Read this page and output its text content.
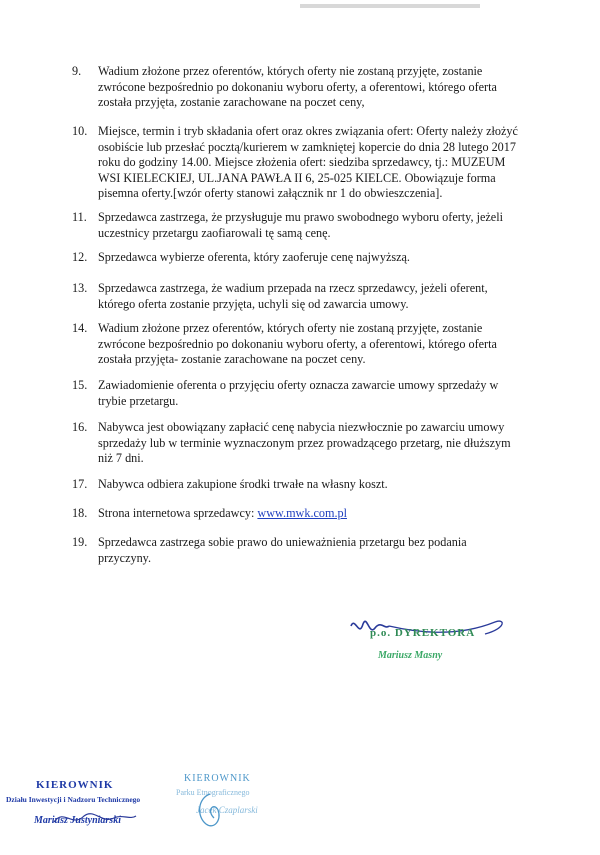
9. Wadium złożone przez oferentów, których oferty nie zostaną przyjęte, zostanie
zwrócone bezpośrednio po dokonaniu wyboru oferty, a oferentowi, którego oferta
została przyjęta, zostanie zarachowane na poczet ceny,
10. Miejsce, termin i tryb składania ofert oraz okres związania ofert: Oferty należy złożyć
osobiście lub przesłać pocztą/kurierem w zamkniętej kopercie do dnia 28 lutego 2017
roku do godziny 14.00. Miejsce złożenia ofert: siedziba sprzedawcy, tj.: MUZEUM
WSI KIELECKIEJ, UL.JANA PAWŁA II 6, 25-025 KIELCE. Obowiązuje forma
pisemna oferty.[wzór oferty stanowi załącznik nr 1 do obwieszczenia].
11. Sprzedawca zastrzega, że przysługuje mu prawo swobodnego wyboru oferty, jeżeli
uczestnicy przetargu zaofiarowali tę samą cenę.
12. Sprzedawca wybierze oferenta, który zaoferuje cenę najwyższą.
13. Sprzedawca zastrzega, że wadium przepada na rzecz sprzedawcy, jeżeli oferent,
którego oferta zostanie przyjęta, uchyli się od zawarcia umowy.
14. Wadium złożone przez oferentów, których oferty nie zostaną przyjęte, zostanie
zwrócone bezpośrednio po dokonaniu wyboru oferty, a oferentowi, którego oferta
została przyjęta- zostanie zarachowane na poczet ceny.
15. Zawiadomienie oferenta o przyjęciu oferty oznacza zawarcie umowy sprzedaży w
trybie przetargu.
16. Nabywca jest obowiązany zapłacić cenę nabycia niezwłocznie po zawarciu umowy
sprzedaży lub w terminie wyznaczonym przez prowadzącego przetarg, nie dłuższym
niż 7 dni.
17. Nabywca odbiera zakupione środki trwałe na własny koszt.
18. Strona internetowa sprzedawcy: www.mwk.com.pl
19. Sprzedawca zastrzega sobie prawo do unieważnienia przetargu bez podania
przyczyny.
p.o. DYREKTORA
Mariusz Masny
KIEROWNIK
Działu Inwestycji i Nadzoru Technicznego
Mariusz Justyniarski
KIEROWNIK
Parku Etnograficznego
Jacek Czaplarski
